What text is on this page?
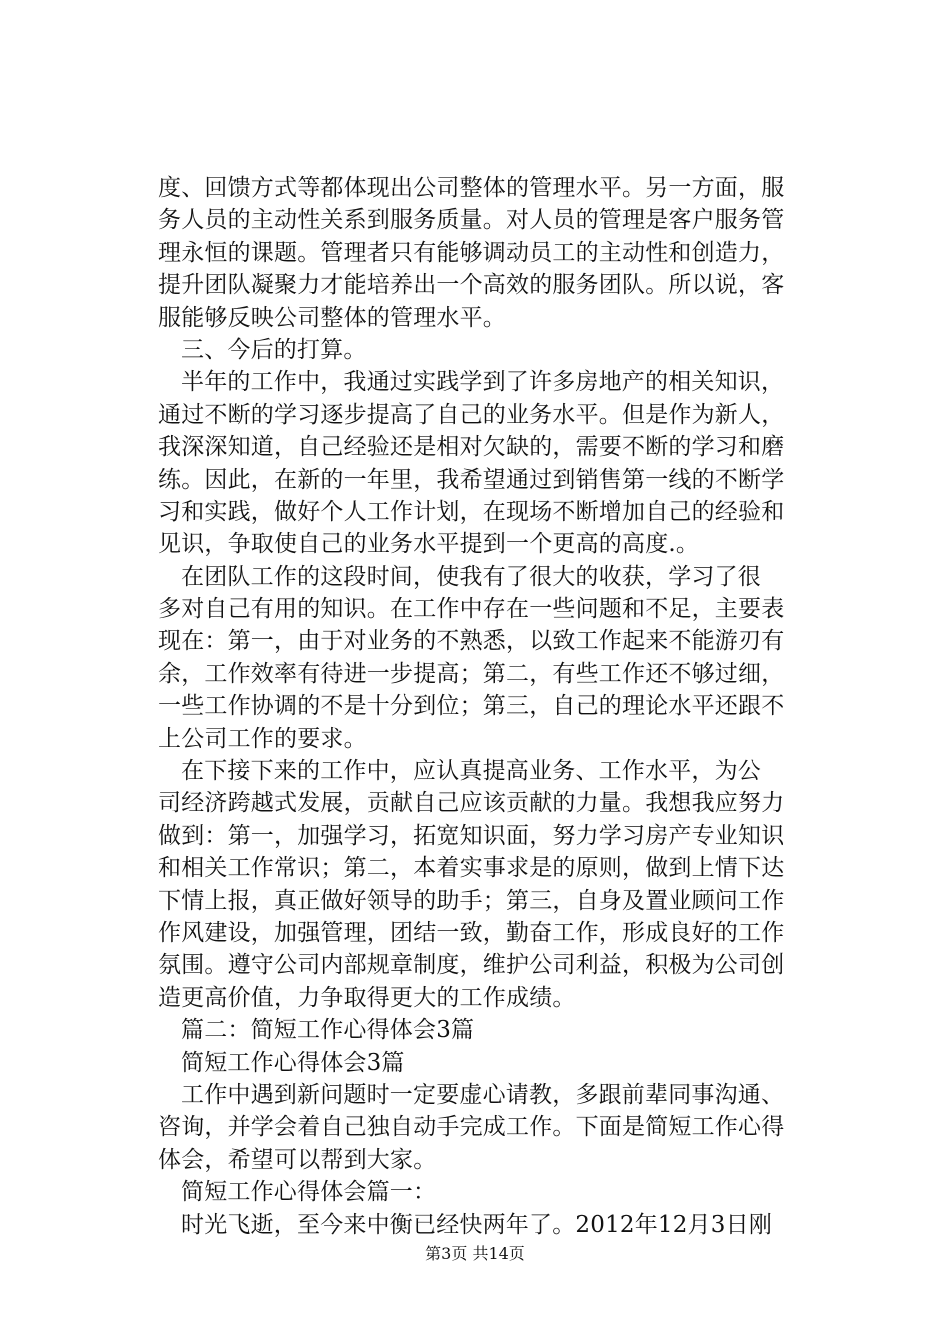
度、回馈方式等都体现出公司整体的管理水平。另一方面，服
务人员的主动性关系到服务质量。对人员的管理是客户服务管
理永恒的课题。管理者只有能够调动员工的主动性和创造力，
提升团队凝聚力才能培养出一个高效的服务团队。所以说，客
服能够反映公司整体的管理水平。
三、今后的打算。
半年的工作中，我通过实践学到了许多房地产的相关知识，
通过不断的学习逐步提高了自己的业务水平。但是作为新人，
我深深知道，自己经验还是相对欠缺的，需要不断的学习和磨
练。因此，在新的一年里，我希望通过到销售第一线的不断学
习和实践，做好个人工作计划，在现场不断增加自己的经验和
见识，争取使自己的业务水平提到一个更高的高度.。
在团队工作的这段时间，使我有了很大的收获，学习了很
多对自己有用的知识。在工作中存在一些问题和不足，主要表
现在：第一，由于对业务的不熟悉，以致工作起来不能游刃有
余，工作效率有待进一步提高；第二，有些工作还不够过细，
一些工作协调的不是十分到位；第三，自己的理论水平还跟不
上公司工作的要求。
在下接下来的工作中，应认真提高业务、工作水平，为公
司经济跨越式发展，贡献自己应该贡献的力量。我想我应努力
做到：第一，加强学习，拓宽知识面，努力学习房产专业知识
和相关工作常识；第二，本着实事求是的原则，做到上情下达
下情上报，真正做好领导的助手；第三，自身及置业顾问工作
作风建设，加强管理，团结一致，勤奋工作，形成良好的工作
氛围。遵守公司内部规章制度，维护公司利益，积极为公司创
造更高价值，力争取得更大的工作成绩。
篇二：简短工作心得体会3篇
简短工作心得体会3篇
工作中遇到新问题时一定要虚心请教，多跟前辈同事沟通、
咨询，并学会着自己独自动手完成工作。下面是简短工作心得
体会，希望可以帮到大家。
简短工作心得体会篇一：
时光飞逝，至今来中衡已经快两年了。2012年12月3日刚
第3页 共14页
